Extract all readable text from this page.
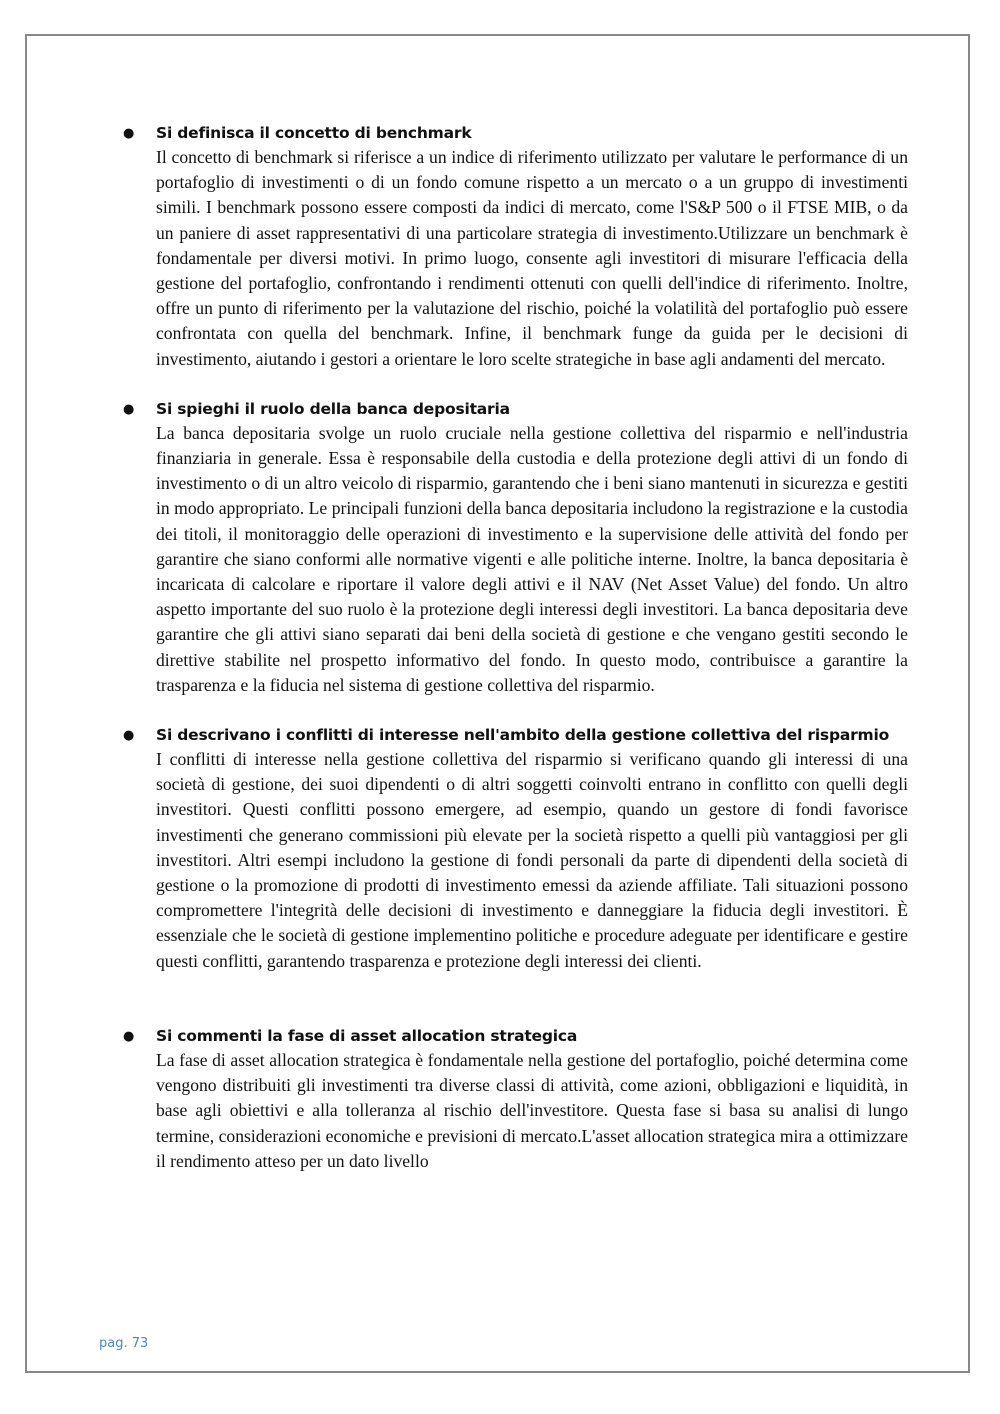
● Si definisca il concetto di benchmark

Il concetto di benchmark si riferisce a un indice di riferimento utilizzato per valutare le performance di un portafoglio di investimenti o di un fondo comune rispetto a un mercato o a un gruppo di investimenti simili. I benchmark possono essere composti da indici di mercato, come l'S&P 500 o il FTSE MIB, o da un paniere di asset rappresentativi di una particolare strategia di investimento.Utilizzare un benchmark è fondamentale per diversi motivi. In primo luogo, consente agli investitori di misurare l'efficacia della gestione del portafoglio, confrontando i rendimenti ottenuti con quelli dell'indice di riferimento. Inoltre, offre un punto di riferimento per la valutazione del rischio, poiché la volatilità del portafoglio può essere confrontata con quella del benchmark. Infine, il benchmark funge da guida per le decisioni di investimento, aiutando i gestori a orientare le loro scelte strategiche in base agli andamenti del mercato.

● Si spieghi il ruolo della banca depositaria

La banca depositaria svolge un ruolo cruciale nella gestione collettiva del risparmio e nell'industria finanziaria in generale. Essa è responsabile della custodia e della protezione degli attivi di un fondo di investimento o di un altro veicolo di risparmio, garantendo che i beni siano mantenuti in sicurezza e gestiti in modo appropriato. Le principali funzioni della banca depositaria includono la registrazione e la custodia dei titoli, il monitoraggio delle operazioni di investimento e la supervisione delle attività del fondo per garantire che siano conformi alle normative vigenti e alle politiche interne. Inoltre, la banca depositaria è incaricata di calcolare e riportare il valore degli attivi e il NAV (Net Asset Value) del fondo. Un altro aspetto importante del suo ruolo è la protezione degli interessi degli investitori. La banca depositaria deve garantire che gli attivi siano separati dai beni della società di gestione e che vengano gestiti secondo le direttive stabilite nel prospetto informativo del fondo. In questo modo, contribuisce a garantire la trasparenza e la fiducia nel sistema di gestione collettiva del risparmio.

● Si descrivano i conflitti di interesse nell'ambito della gestione collettiva del risparmio

I conflitti di interesse nella gestione collettiva del risparmio si verificano quando gli interessi di una società di gestione, dei suoi dipendenti o di altri soggetti coinvolti entrano in conflitto con quelli degli investitori. Questi conflitti possono emergere, ad esempio, quando un gestore di fondi favorisce investimenti che generano commissioni più elevate per la società rispetto a quelli più vantaggiosi per gli investitori. Altri esempi includono la gestione di fondi personali da parte di dipendenti della società di gestione o la promozione di prodotti di investimento emessi da aziende affiliate. Tali situazioni possono compromettere l'integrità delle decisioni di investimento e danneggiare la fiducia degli investitori. È essenziale che le società di gestione implementino politiche e procedure adeguate per identificare e gestire questi conflitti, garantendo trasparenza e protezione degli interessi dei clienti.

● Si commenti la fase di asset allocation strategica

La fase di asset allocation strategica è fondamentale nella gestione del portafoglio, poiché determina come vengono distribuiti gli investimenti tra diverse classi di attività, come azioni, obbligazioni e liquidità, in base agli obiettivi e alla tolleranza al rischio dell'investitore. Questa fase si basa su analisi di lungo termine, considerazioni economiche e previsioni di mercato.L'asset allocation strategica mira a ottimizzare il rendimento atteso per un dato livello

pag. 73
